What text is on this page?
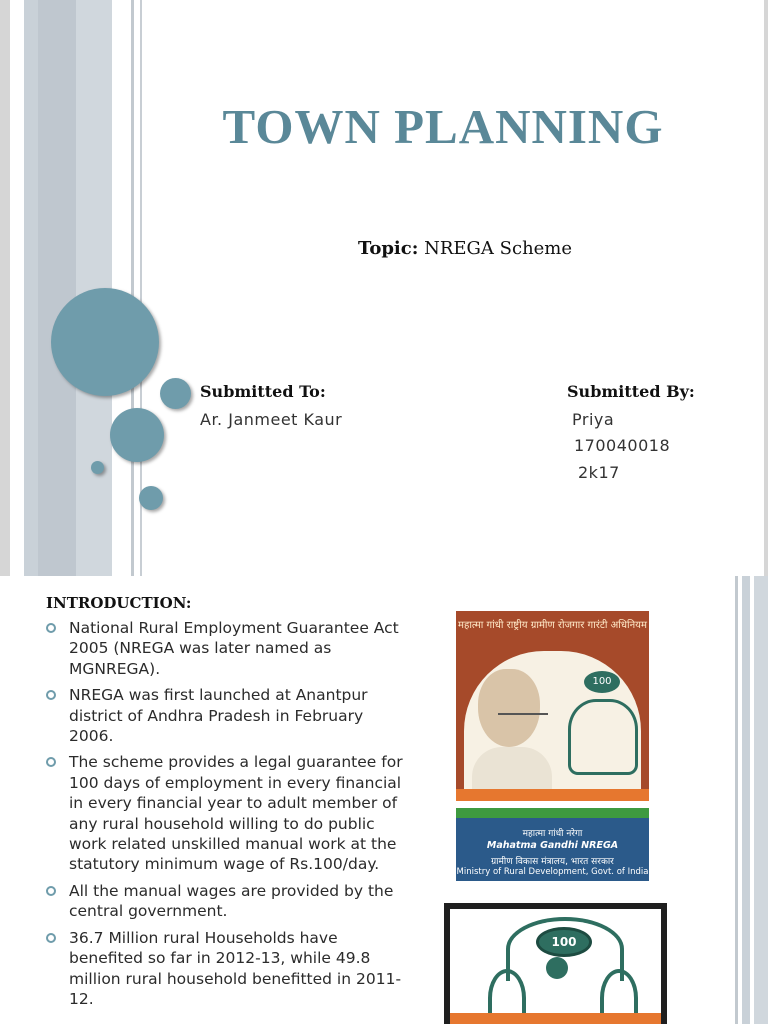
TOWN PLANNING
Topic: NREGA Scheme
Submitted To:
Ar. Janmeet Kaur
Submitted By:
Priya
170040018
2k17
INTRODUCTION:
National Rural Employment Guarantee Act 2005 (NREGA was later named as MGNREGA).
NREGA was first launched at Anantpur district of Andhra Pradesh in February 2006.
The scheme provides a legal guarantee for 100 days of employment in every financial in every financial year to adult member of any rural household willing to do public work related unskilled manual work at the statutory minimum wage of Rs.100/day.
All the manual wages are provided by the central government.
36.7 Million rural Households have benefited so far in 2012-13, while 49.8 million rural household benefitted in 2011-12.
महात्मा गांधी राष्ट्रीय ग्रामीण रोजगार गारंटी अधिनियम
100
महात्मा गांधी नरेगा
Mahatma Gandhi NREGA
ग्रामीण विकास मंत्रालय, भारत सरकार
Ministry of Rural Development, Govt. of India
100
